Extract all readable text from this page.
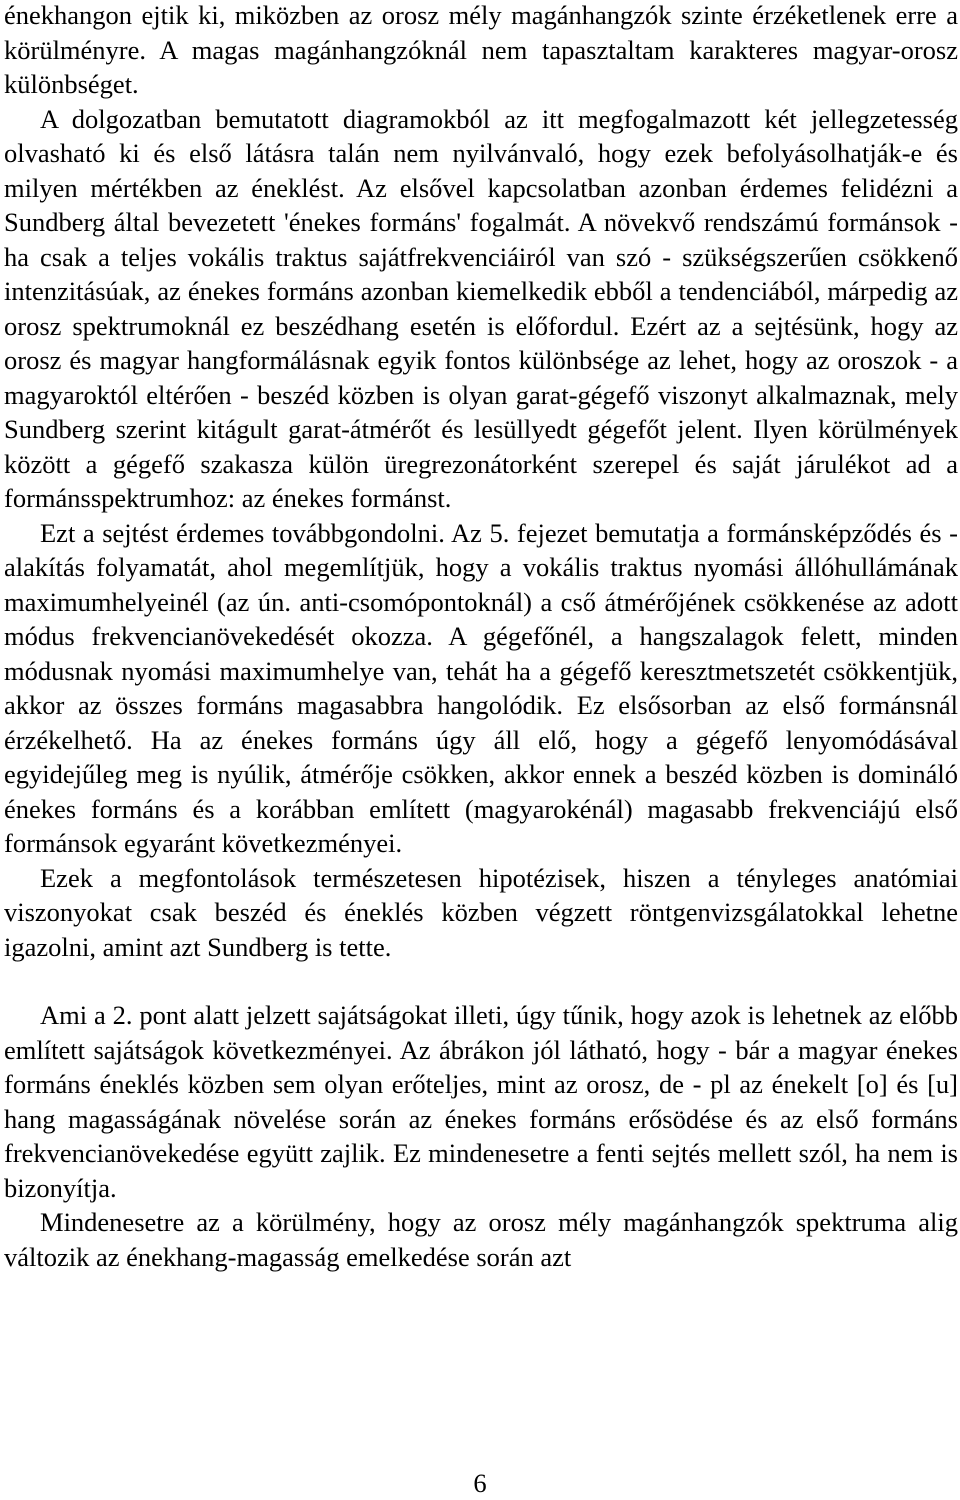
énekhangon ejtik ki, miközben az orosz mély magánhangzók szinte érzéketlenek erre a körülményre. A magas magánhangzóknál nem tapasztaltam karakteres magyar-orosz különbséget.

A dolgozatban bemutatott diagramokból az itt megfogalmazott két jellegzetesség olvasható ki és első látásra talán nem nyilvánvaló, hogy ezek befolyásolhatják-e és milyen mértékben az éneklést. Az elsővel kapcsolatban azonban érdemes felidézni a Sundberg által bevezetett 'énekes formáns' fogalmát. A növekvő rendszámú formánsok - ha csak a teljes vokális traktus sajátfrekvenciáiról van szó - szükségszerűen csökkenő intenzitásúak, az énekes formáns azonban kiemelkedik ebből a tendenciából, márpedig az orosz spektrumoknál ez beszédhang esetén is előfordul. Ezért az a sejtésünk, hogy az orosz és magyar hangformálásnak egyik fontos különbsége az lehet, hogy az oroszok - a magyaroktól eltérően - beszéd közben is olyan garat-gégefő viszonyt alkalmaznak, mely Sundberg szerint kitágult garat-átmérőt és lesüllyedt gégefőt jelent. Ilyen körülmények között a gégefő szakasza külön üregrezonátorként szerepel és saját járulékot ad a formánsspektrumhoz: az énekes formánst.

Ezt a sejtést érdemes továbbgondolni. Az 5. fejezet bemutatja a formánsképződés és -alakítás folyamatát, ahol megemlítjük, hogy a vokális traktus nyomási állóhullámának maximumhelyeinél (az ún. anti-csomópontoknál) a cső átmérőjének csökkenése az adott módus frekvencianövekedését okozza. A gégefőnél, a hangszalagok felett, minden módusnak nyomási maximumhelye van, tehát ha a gégefő keresztmetszetét csökkentjük, akkor az összes formáns magasabbra hangolódik. Ez elsősorban az első formánsnál érzékelhető. Ha az énekes formáns úgy áll elő, hogy a gégefő lenyomódásával egyidejűleg meg is nyúlik, átmérője csökken, akkor ennek a beszéd közben is domináló énekes formáns és a korábban említett (magyarokénál) magasabb frekvenciájú első formánsok egyaránt következményei.

Ezek a megfontolások természetesen hipotézisek, hiszen a tényleges anatómiai viszonyokat csak beszéd és éneklés közben végzett röntgenvizsgálatokkal lehetne igazolni, amint azt Sundberg is tette.

Ami a 2. pont alatt jelzett sajátságokat illeti, úgy tűnik, hogy azok is lehetnek az előbb említett sajátságok következményei. Az ábrákon jól látható, hogy - bár a magyar énekes formáns éneklés közben sem olyan erőteljes, mint az orosz, de - pl az énekelt [o] és [u] hang magasságának növelése során az énekes formáns erősödése és az első formáns frekvencianövekedése együtt zajlik. Ez mindenesetre a fenti sejtés mellett szól, ha nem is bizonyítja.

Mindenesetre az a körülmény, hogy az orosz mély magánhangzók spektruma alig változik az énekhang-magasság emelkedése során azt

6
